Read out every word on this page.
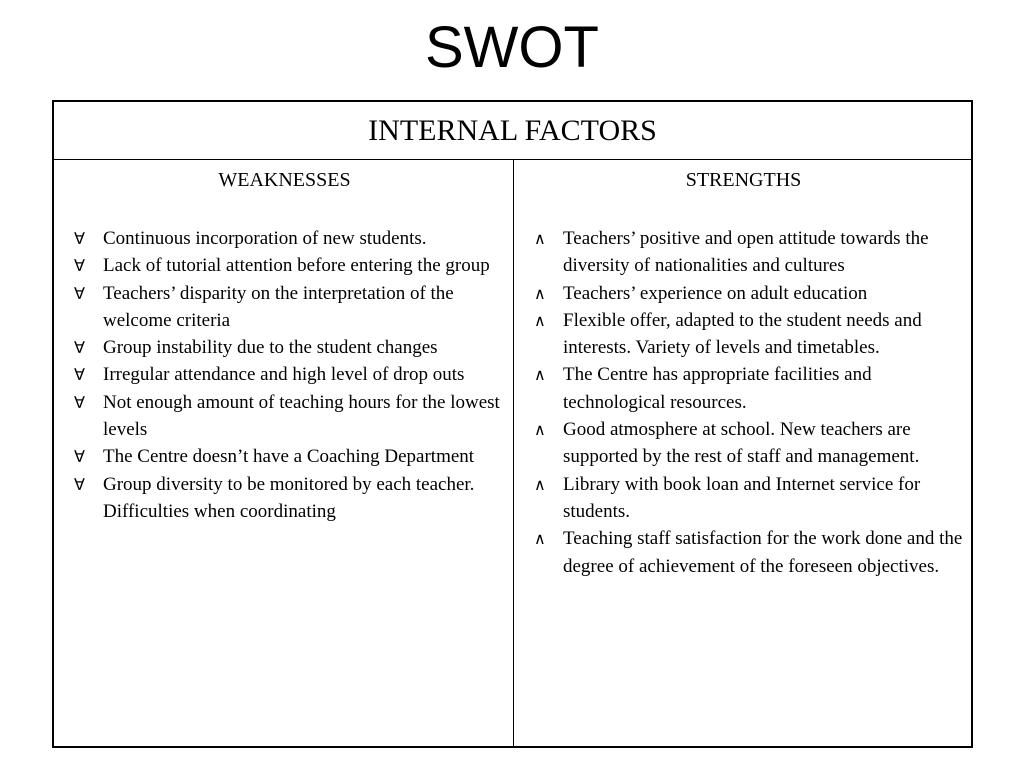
SWOT
INTERNAL FACTORS
WEAKNESSES
∀ Continuous incorporation of new students.
∀ Lack of tutorial attention before entering the group
∀ Teachers’ disparity on the interpretation of the welcome criteria
∀ Group instability due to the student changes
∀ Irregular attendance and high level of drop outs
∀ Not enough amount of teaching hours for the lowest levels
∀ The Centre doesn’t have a Coaching Department
∀ Group diversity to be monitored by each teacher. Difficulties when coordinating
STRENGTHS
∧ Teachers’ positive and open attitude towards the diversity of nationalities and cultures
∧ Teachers’ experience on adult education
∧ Flexible offer, adapted to the student needs and interests. Variety of levels and timetables.
∧ The Centre has appropriate facilities and technological resources.
∧ Good atmosphere at school. New teachers are supported by the rest of staff and management.
∧ Library with book loan and Internet service for students.
∧ Teaching staff satisfaction for the work done and the degree of achievement of the foreseen objectives.
